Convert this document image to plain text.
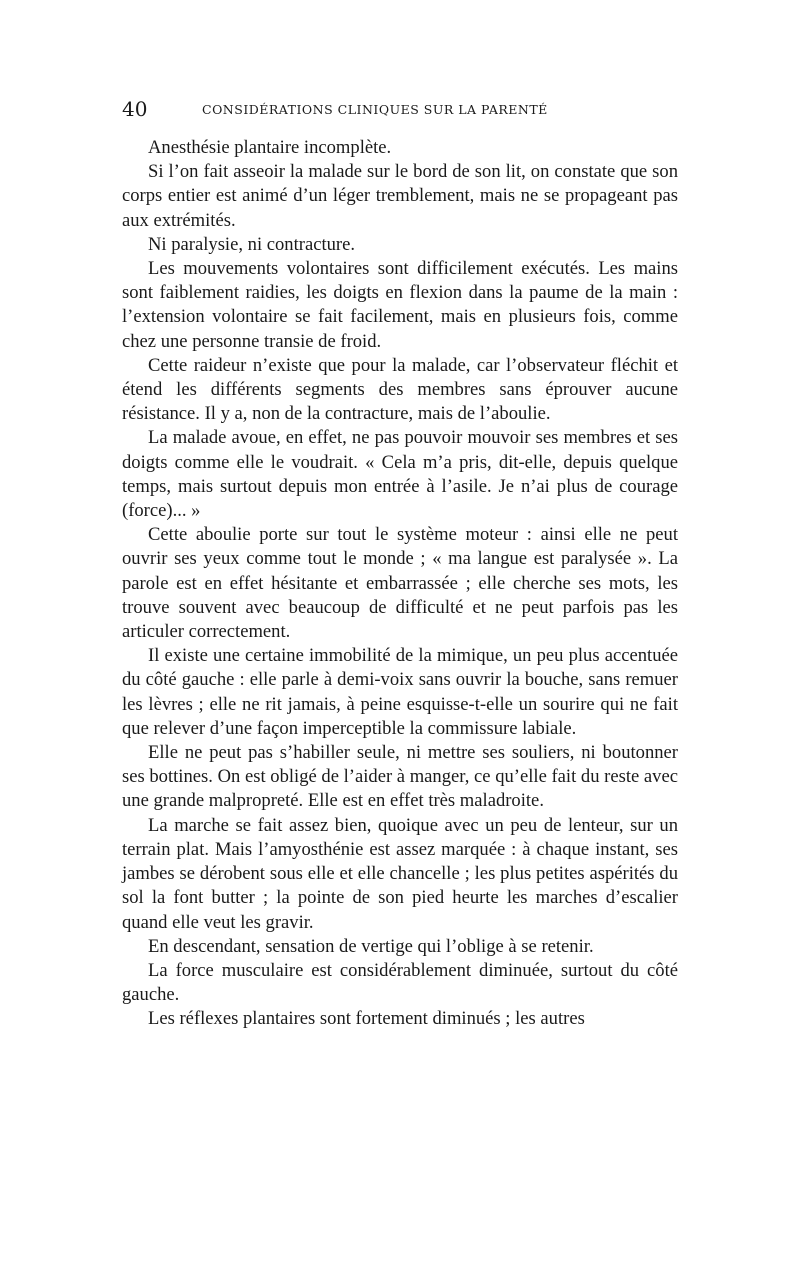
40	CONSIDÉRATIONS CLINIQUES SUR LA PARENTÉ

Anesthésie plantaire incomplète.

Si l’on fait asseoir la malade sur le bord de son lit, on constate que son corps entier est animé d’un léger tremblement, mais ne se propageant pas aux extrémités.

Ni paralysie, ni contracture.

Les mouvements volontaires sont difficilement exécutés. Les mains sont faiblement raidies, les doigts en flexion dans la paume de la main : l’extension volontaire se fait facilement, mais en plusieurs fois, comme chez une personne transie de froid.

Cette raideur n’existe que pour la malade, car l’observateur fléchit et étend les différents segments des membres sans éprouver aucune résistance. Il y a, non de la contracture, mais de l’aboulie.

La malade avoue, en effet, ne pas pouvoir mouvoir ses membres et ses doigts comme elle le voudrait. « Cela m’a pris, dit-elle, depuis quelque temps, mais surtout depuis mon entrée à l’asile. Je n’ai plus de courage (force)... »

Cette aboulie porte sur tout le système moteur : ainsi elle ne peut ouvrir ses yeux comme tout le monde ; « ma langue est paralysée ». La parole est en effet hésitante et embarrassée ; elle cherche ses mots, les trouve souvent avec beaucoup de difficulté et ne peut parfois pas les articuler correctement.

Il existe une certaine immobilité de la mimique, un peu plus accentuée du côté gauche : elle parle à demi-voix sans ouvrir la bouche, sans remuer les lèvres ; elle ne rit jamais, à peine esquisse-t-elle un sourire qui ne fait que relever d’une façon imperceptible la commissure labiale.

Elle ne peut pas s’habiller seule, ni mettre ses souliers, ni boutonner ses bottines. On est obligé de l’aider à manger, ce qu’elle fait du reste avec une grande malpropreté. Elle est en effet très maladroite.

La marche se fait assez bien, quoique avec un peu de lenteur, sur un terrain plat. Mais l’amyosthénie est assez marquée : à chaque instant, ses jambes se dérobent sous elle et elle chancelle ; les plus petites aspérités du sol la font butter ; la pointe de son pied heurte les marches d’escalier quand elle veut les gravir.

En descendant, sensation de vertige qui l’oblige à se retenir.

La force musculaire est considérablement diminuée, surtout du côté gauche.

Les réflexes plantaires sont fortement diminués ; les autres
